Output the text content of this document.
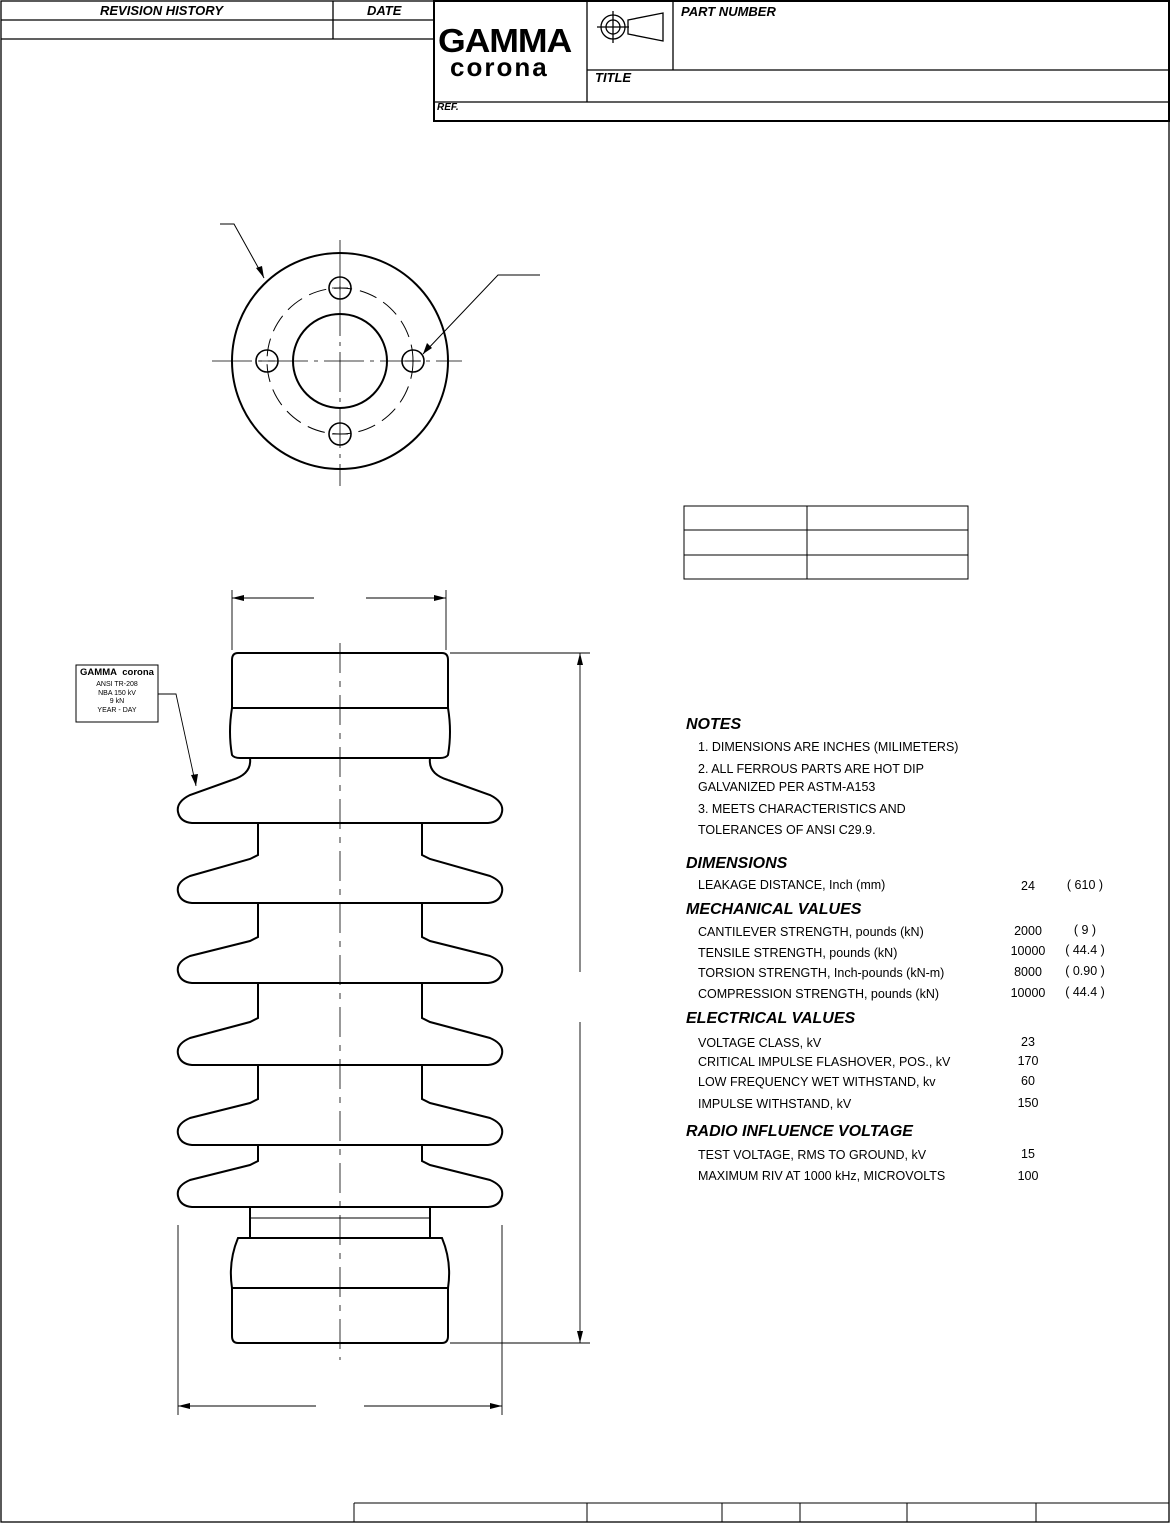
REVISION HISTORY	DATE
GAMMA
corona
PART NUMBER
TITLE
REF.
GAMMA corona
ANSI TR-208
NBA 150 kV
9 kN
YEAR - DAY
NOTES
1. DIMENSIONS ARE INCHES (MILIMETERS)
2. ALL FERROUS PARTS ARE HOT DIP
GALVANIZED PER ASTM-A153
3. MEETS CHARACTERISTICS AND
TOLERANCES OF ANSI C29.9.
DIMENSIONS
LEAKAGE DISTANCE, Inch (mm)	24	( 610 )
MECHANICAL VALUES
CANTILEVER STRENGTH, pounds (kN)	2000	( 9 )
TENSILE STRENGTH, pounds (kN)	10000	( 44.4 )
TORSION STRENGTH, Inch-pounds (kN-m)	8000	( 0.90 )
COMPRESSION STRENGTH, pounds (kN)	10000	( 44.4 )
ELECTRICAL VALUES
VOLTAGE CLASS, kV	23
CRITICAL IMPULSE FLASHOVER, POS., kV	170
LOW FREQUENCY WET WITHSTAND, kv	60
IMPULSE WITHSTAND, kV	150
RADIO INFLUENCE VOLTAGE
TEST VOLTAGE, RMS TO GROUND, kV	15
MAXIMUM RIV AT 1000 kHz, MICROVOLTS	100
